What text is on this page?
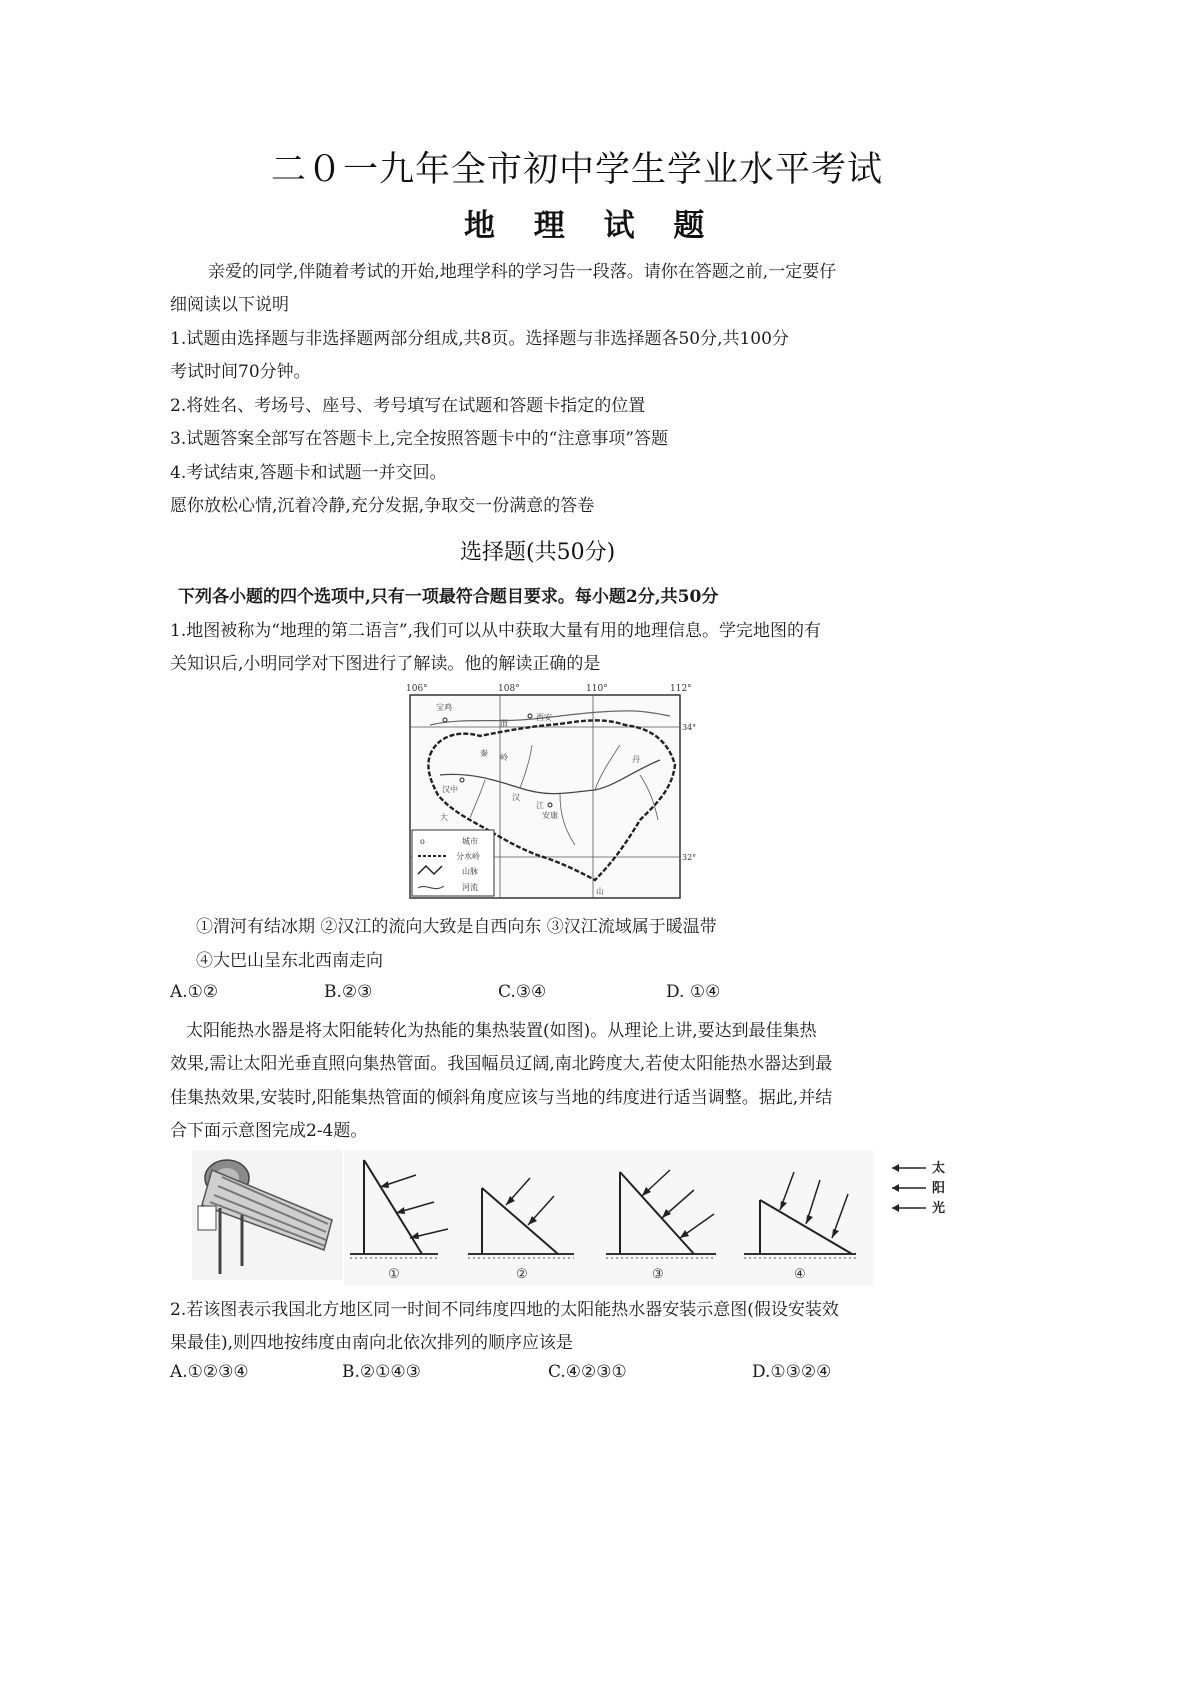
二０一九年全市初中学生学业水平考试
地 理 试 题
亲爱的同学,伴随着考试的开始,地理学科的学习告一段落。请你在答题之前,一定要仔
细阅读以下说明
1.试题由选择题与非选择题两部分组成,共8页。选择题与非选择题各50分,共100分
考试时间70分钟。
2.将姓名、考场号、座号、考号填写在试题和答题卡指定的位置
3.试题答案全部写在答题卡上,完全按照答题卡中的“注意事项”答题
4.考试结束,答题卡和试题一并交回。
愿你放松心情,沉着冷静,充分发据,争取交一份满意的答卷
选择题(共50分)
下列各小题的四个选项中,只有一项最符合题目要求。每小题2分,共50分
1.地图被称为“地理的第二语言”,我们可以从中获取大量有用的地理信息。学完地图的有
关知识后,小明同学对下图进行了解读。他的解读正确的是
106°	108°	110°	112°
34°
32°
宝鸡
渭
西安
汉
江
汉中
安康
丹
大
山
秦 岭
o	城市
分水岭
山脉
河流
①渭河有结冰期 ②汉江的流向大致是自西向东 ③汉江流域属于暖温带
④大巴山呈东北西南走向
A.①②	B.②③	C.③④	D. ①④
太阳能热水器是将太阳能转化为热能的集热装置(如图)。从理论上讲,要达到最佳集热
效果,需让太阳光垂直照向集热管面。我国幅员辽阔,南北跨度大,若使太阳能热水器达到最
佳集热效果,安装时,阳能集热管面的倾斜角度应该与当地的纬度进行适当调整。据此,并结
合下面示意图完成2-4题。
①	②	③	④
太
阳
光
2.若该图表示我国北方地区同一时间不同纬度四地的太阳能热水器安装示意图(假设安装效
果最佳),则四地按纬度由南向北依次排列的顺序应该是
A.①②③④	B.②①④③	C.④②③①	D.①③②④
